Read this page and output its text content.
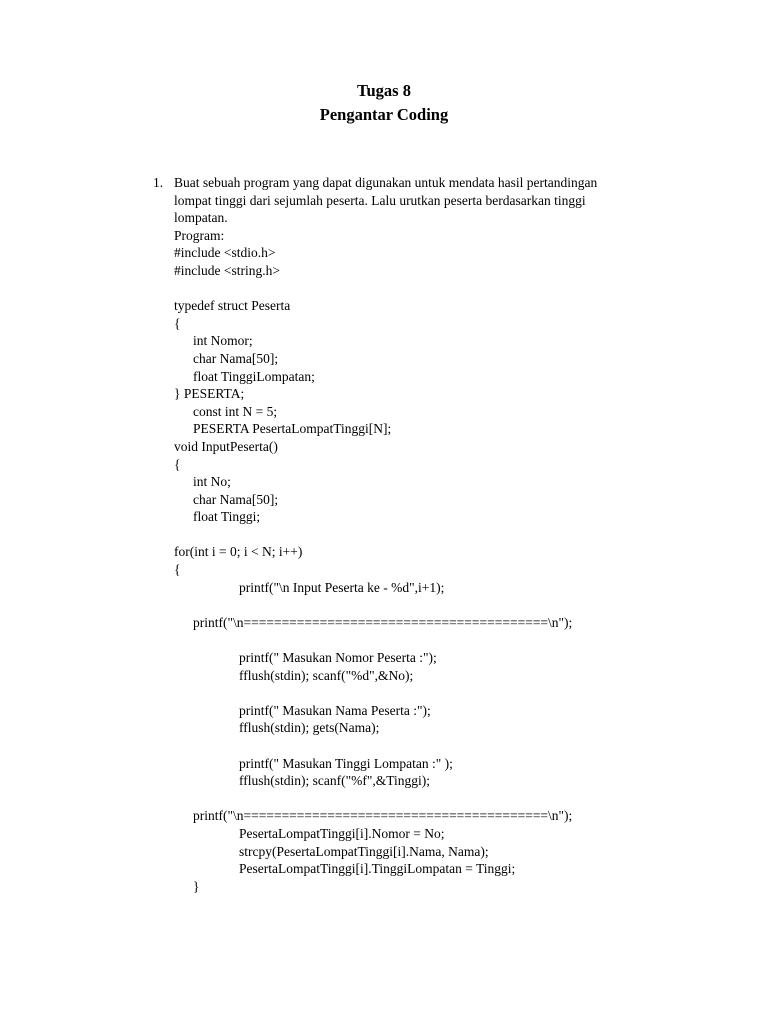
Tugas 8
Pengantar Coding
1. Buat sebuah program yang dapat digunakan untuk mendata hasil pertandingan
lompat tinggi dari sejumlah peserta. Lalu urutkan peserta berdasarkan tinggi
lompatan.
Program:
#include <stdio.h>
#include <string.h>
typedef struct Peserta
{
int Nomor;
char Nama[50];
float TinggiLompatan;
} PESERTA;
const int N = 5;
PESERTA PesertaLompatTinggi[N];
void InputPeserta()
{
int No;
char Nama[50];
float Tinggi;
for(int i = 0; i < N; i++)
{
printf("\n Input Peserta ke - %d",i+1);
printf("\n========================================\n");
printf(" Masukan Nomor Peserta :");
fflush(stdin); scanf("%d",&No);
printf(" Masukan Nama Peserta :");
fflush(stdin); gets(Nama);
printf(" Masukan Tinggi Lompatan :" );
fflush(stdin); scanf("%f",&Tinggi);
printf("\n========================================\n");
PesertaLompatTinggi[i].Nomor = No;
strcpy(PesertaLompatTinggi[i].Nama, Nama);
PesertaLompatTinggi[i].TinggiLompatan = Tinggi;
}
